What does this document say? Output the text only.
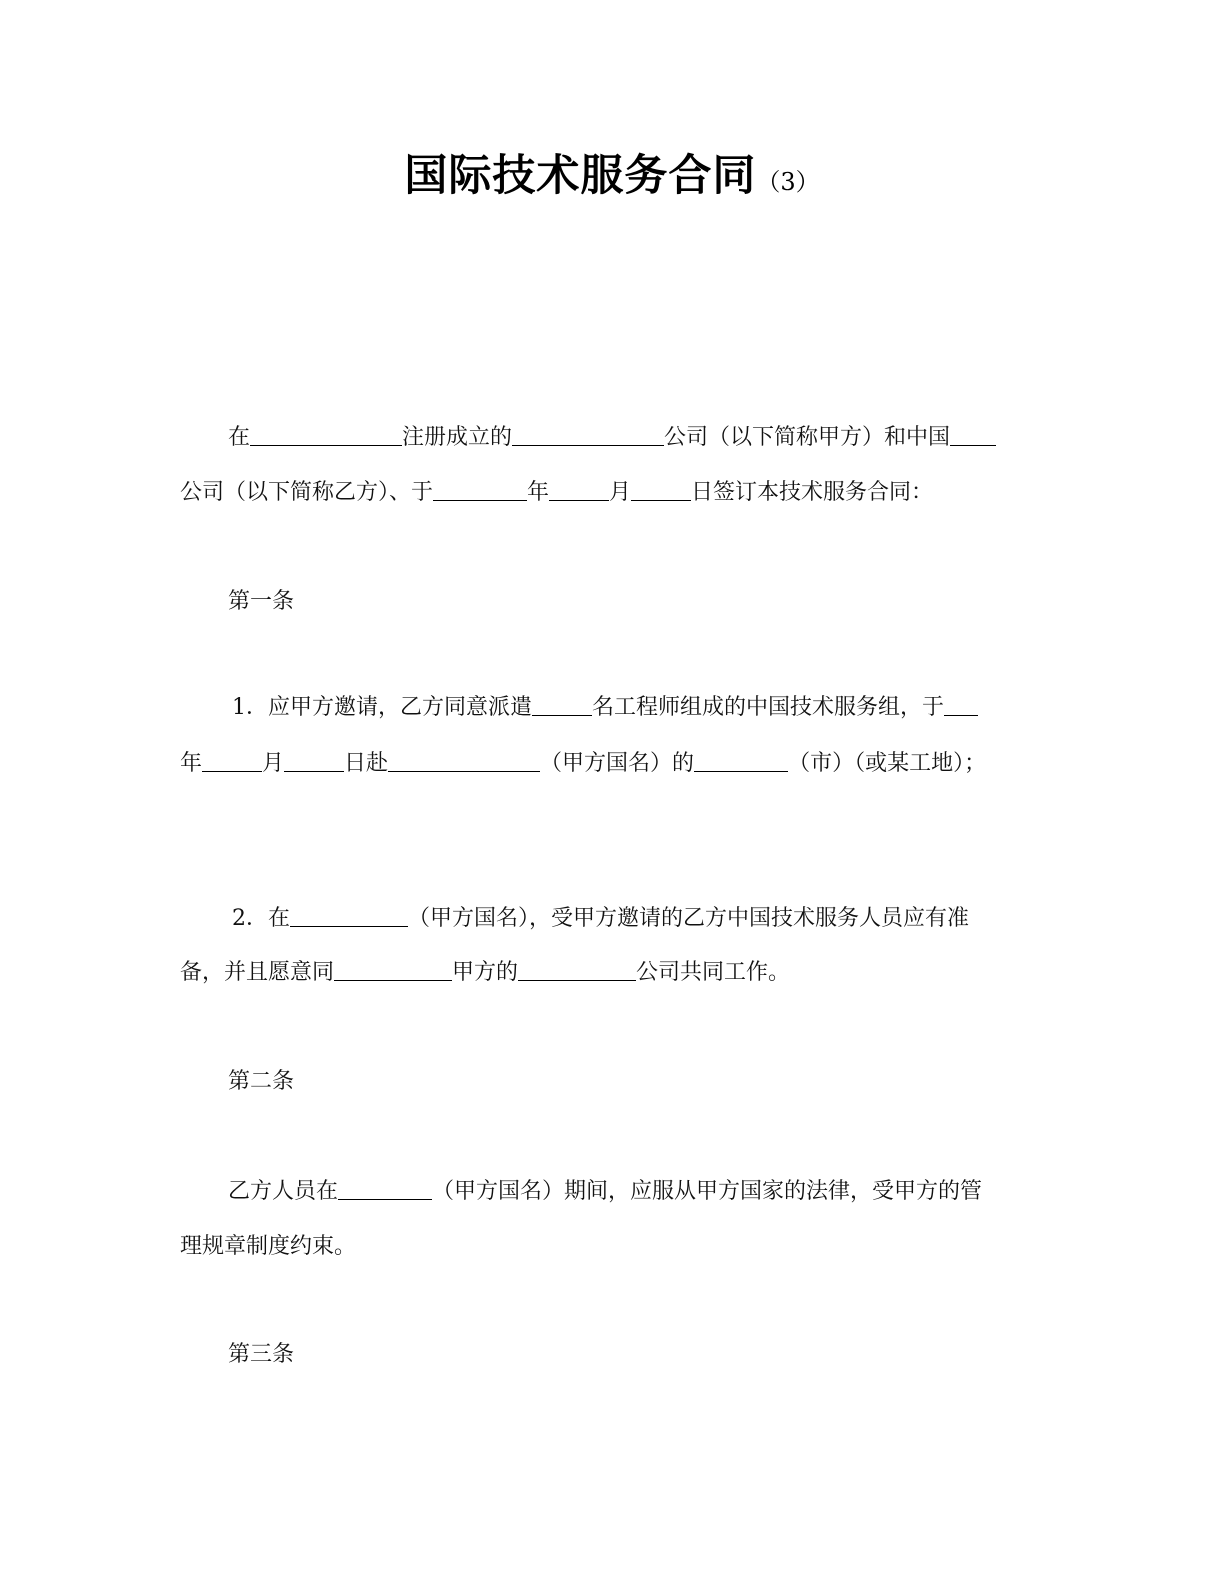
国际技术服务合同（3）
在	注册成立的	公司（以下简称甲方）和中国
公司（以下简称乙方）、于	年	月	日签订本技术服务合同：
第一条
1．应甲方邀请，乙方同意派遣	名工程师组成的中国技术服务组，于
年	月	日赴	（甲方国名）的	（市）（或某工地）；
2．在	（甲方国名），受甲方邀请的乙方中国技术服务人员应有准
备，并且愿意同	甲方的	公司共同工作。
第二条
乙方人员在	（甲方国名）期间，应服从甲方国家的法律，受甲方的管
理规章制度约束。
第三条
